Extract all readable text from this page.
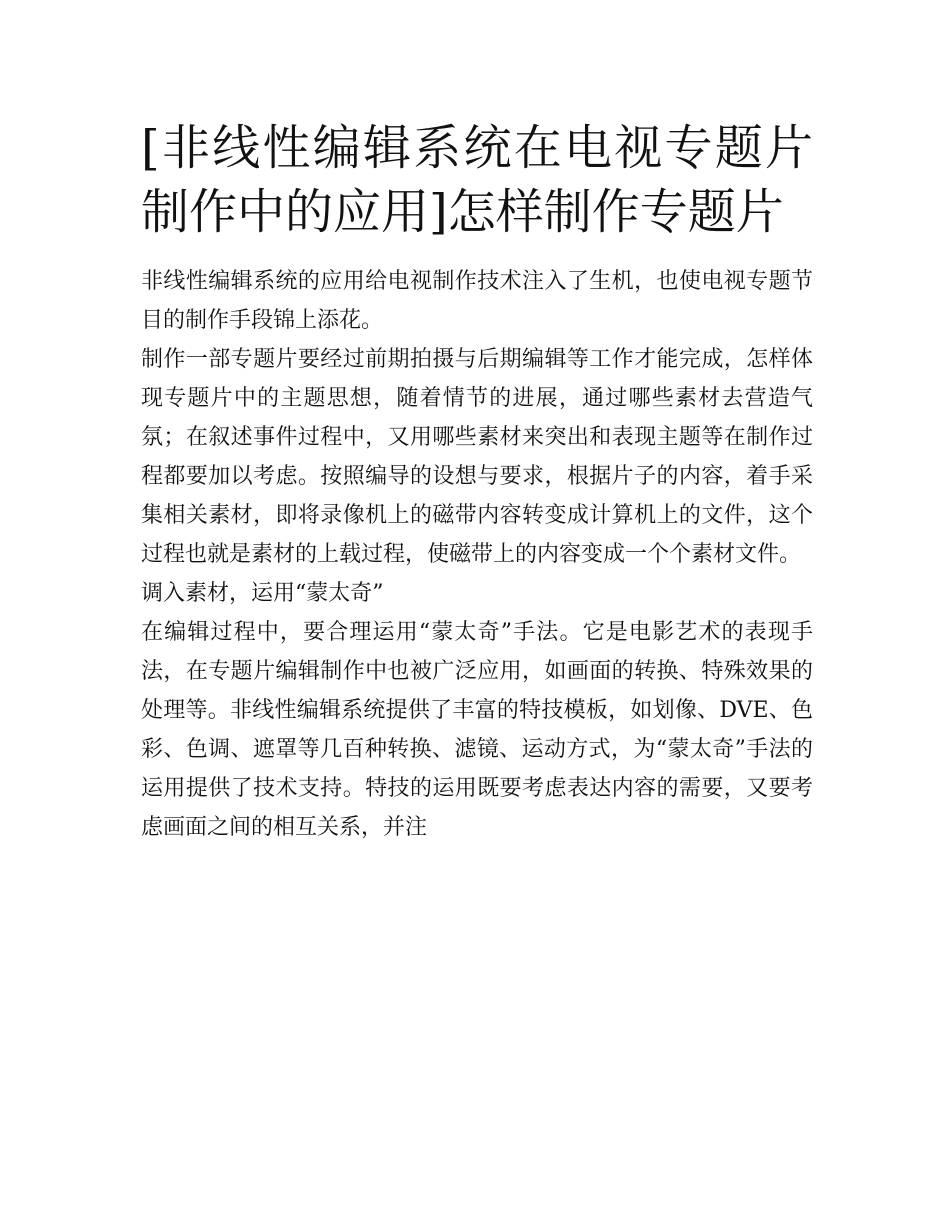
[非线性编辑系统在电视专题片制作中的应用]怎样制作专题片

非线性编辑系统的应用给电视制作技术注入了生机，也使电视专题节目的制作手段锦上添花。

制作一部专题片要经过前期拍摄与后期编辑等工作才能完成，怎样体现专题片中的主题思想，随着情节的进展，通过哪些素材去营造气氛；在叙述事件过程中，又用哪些素材来突出和表现主题等在制作过程都要加以考虑。按照编导的设想与要求，根据片子的内容，着手采集相关素材，即将录像机上的磁带内容转变成计算机上的文件，这个过程也就是素材的上载过程，使磁带上的内容变成一个个素材文件。

调入素材，运用“蒙太奇”

在编辑过程中，要合理运用“蒙太奇”手法。它是电影艺术的表现手法，在专题片编辑制作中也被广泛应用，如画面的转换、特殊效果的处理等。非线性编辑系统提供了丰富的特技模板，如划像、DVE、色彩、色调、遮罩等几百种转换、滤镜、运动方式，为“蒙太奇”手法的运用提供了技术支持。特技的运用既要考虑表达内容的需要，又要考虑画面之间的相互关系，并注
